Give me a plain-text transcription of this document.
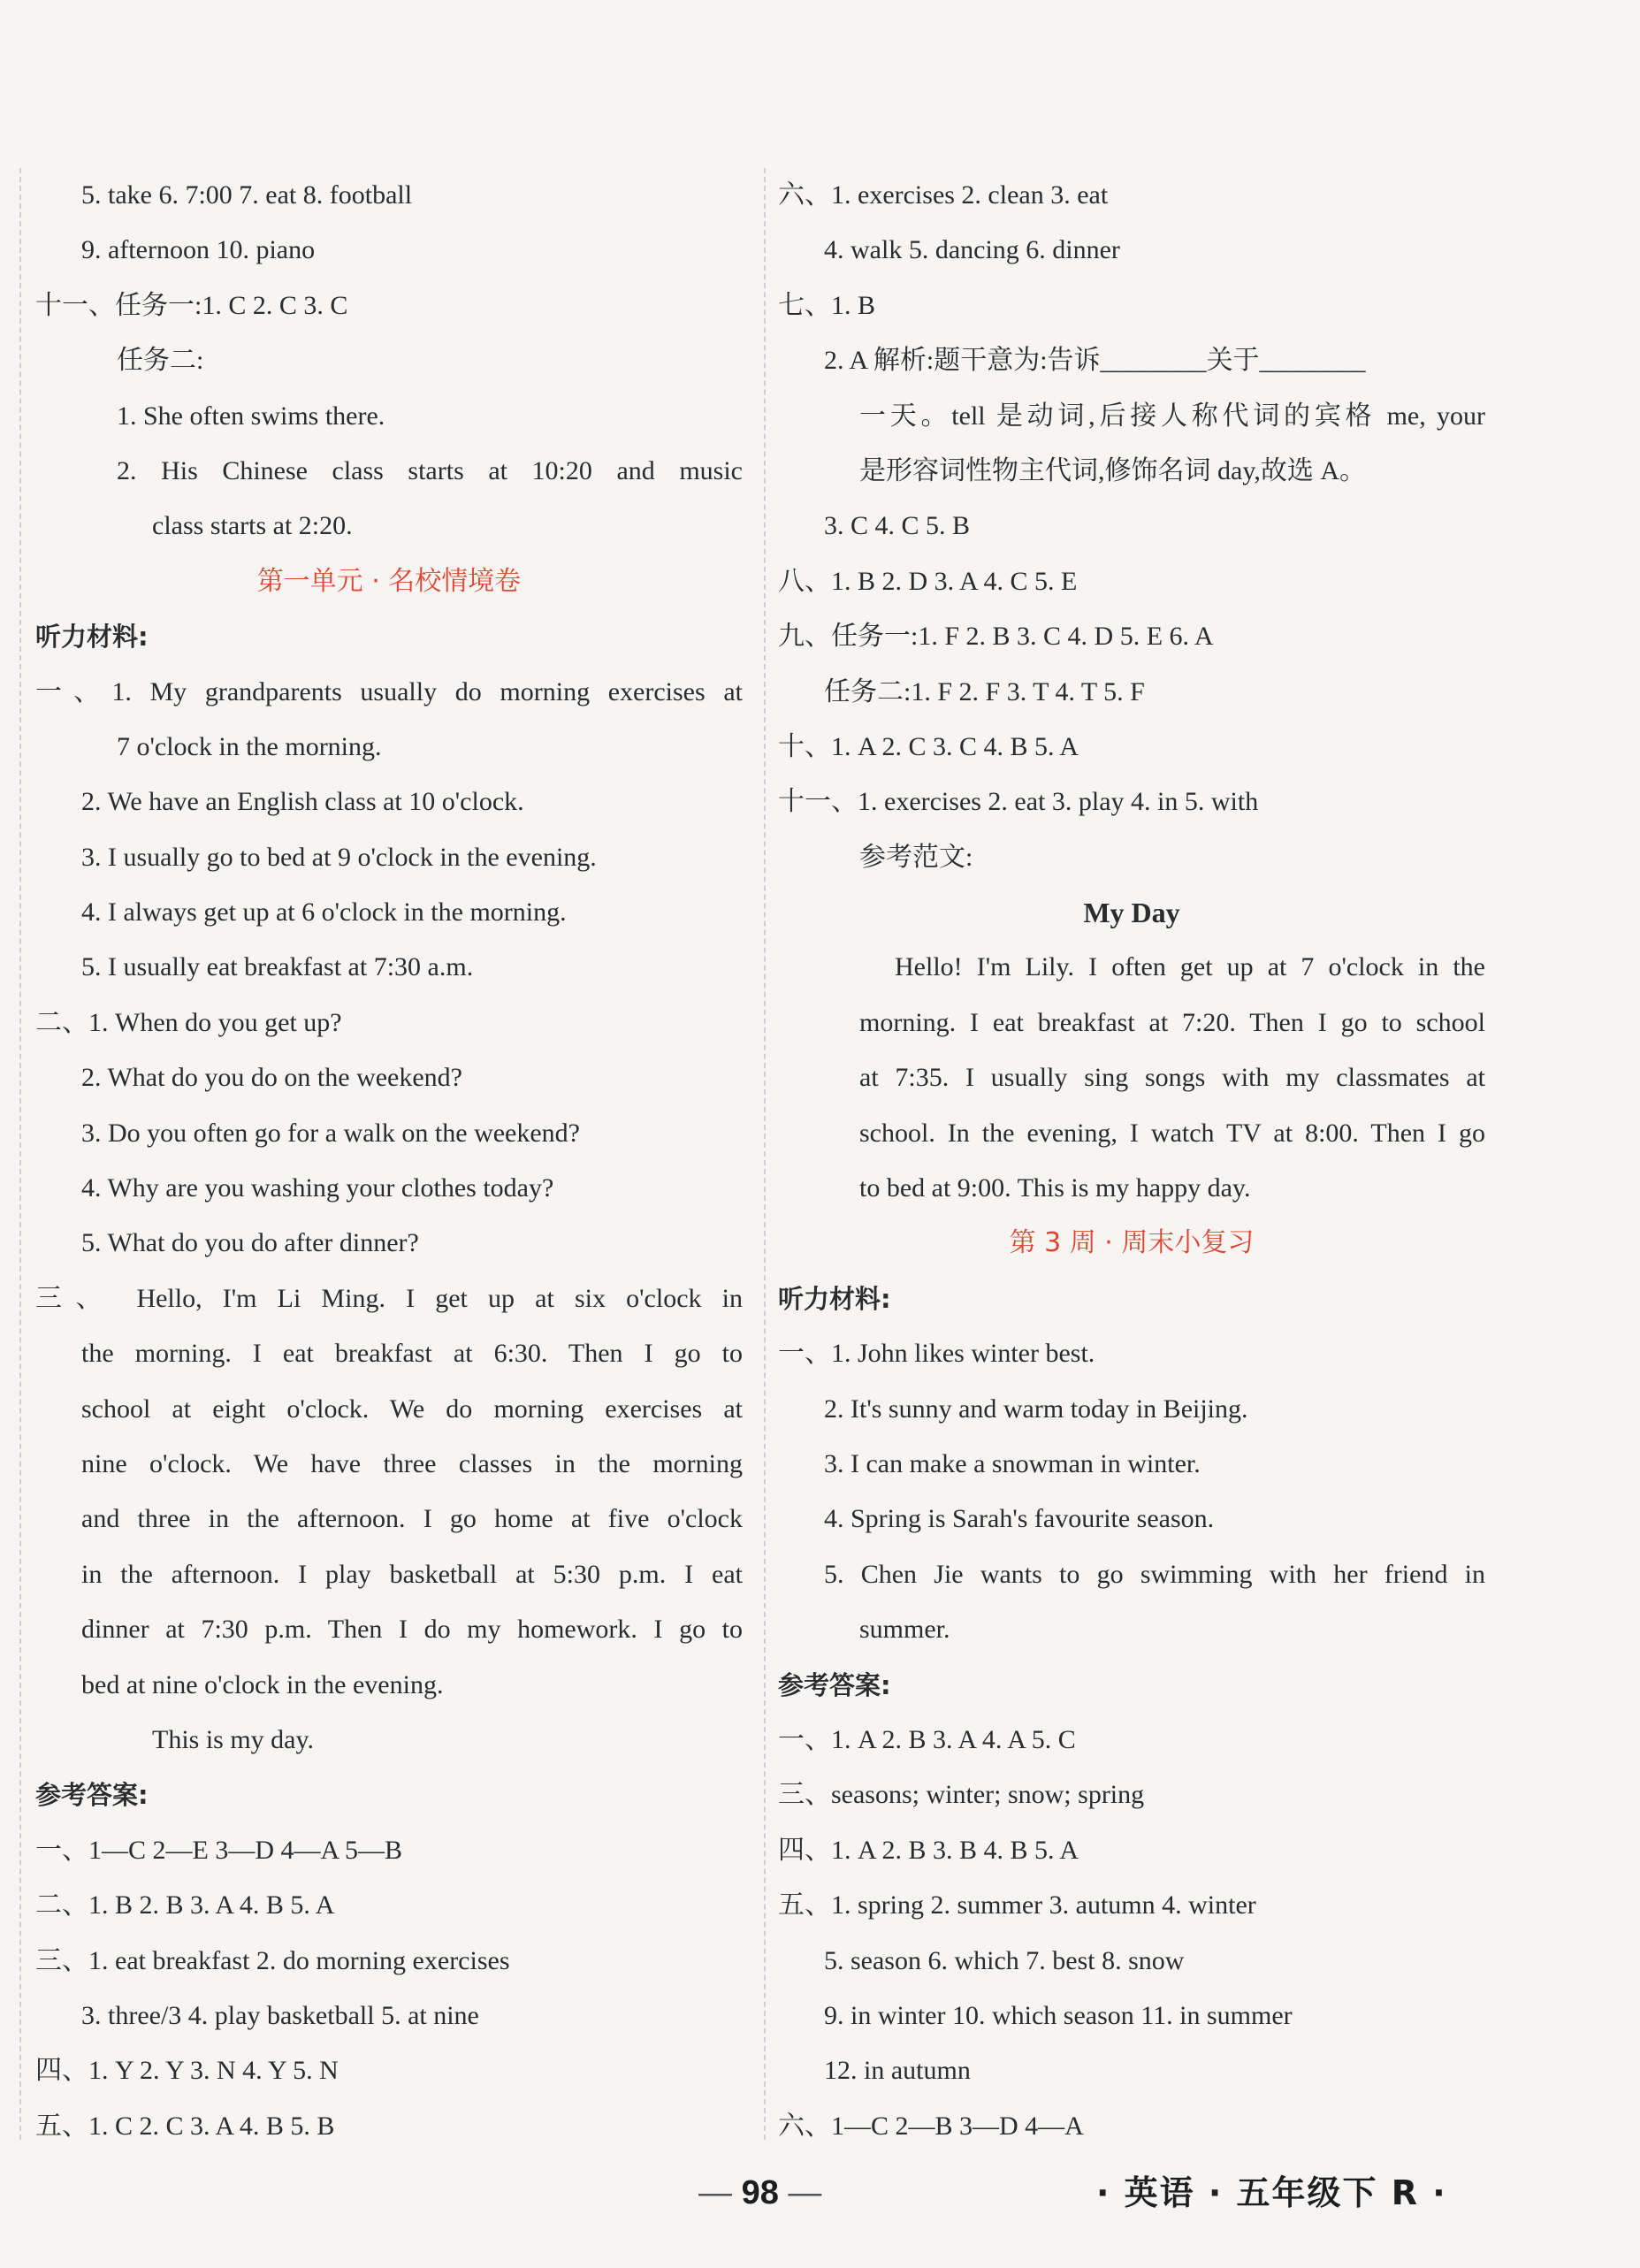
5. take 6. 7:00 7. eat 8. football
9. afternoon 10. piano
十一、任务一:1. C 2. C 3. C
任务二:
1. She often swims there.
2. His Chinese class starts at 10:20 and music
class starts at 2:20.
第一单元 · 名校情境卷
听力材料:
一、1. My grandparents usually do morning exercises at
7 o'clock in the morning.
2. We have an English class at 10 o'clock.
3. I usually go to bed at 9 o'clock in the evening.
4. I always get up at 6 o'clock in the morning.
5. I usually eat breakfast at 7:30 a.m.
二、1. When do you get up?
2. What do you do on the weekend?
3. Do you often go for a walk on the weekend?
4. Why are you washing your clothes today?
5. What do you do after dinner?
三、 Hello, I'm Li Ming. I get up at six o'clock in
the morning. I eat breakfast at 6:30. Then I go to
school at eight o'clock. We do morning exercises at
nine o'clock. We have three classes in the morning
and three in the afternoon. I go home at five o'clock
in the afternoon. I play basketball at 5:30 p.m. I eat
dinner at 7:30 p.m. Then I do my homework. I go to
bed at nine o'clock in the evening.
This is my day.
参考答案:
一、1—C 2—E 3—D 4—A 5—B
二、1. B 2. B 3. A 4. B 5. A
三、1. eat breakfast 2. do morning exercises
3. three/3 4. play basketball 5. at nine
四、1. Y 2. Y 3. N 4. Y 5. N
五、1. C 2. C 3. A 4. B 5. B
六、1. exercises 2. clean 3. eat
4. walk 5. dancing 6. dinner
七、1. B
2. A 解析:题干意为:告诉________关于________
一天。tell 是动词,后接人称代词的宾格 me, your
是形容词性物主代词,修饰名词 day,故选 A。
3. C 4. C 5. B
八、1. B 2. D 3. A 4. C 5. E
九、任务一:1. F 2. B 3. C 4. D 5. E 6. A
任务二:1. F 2. F 3. T 4. T 5. F
十、1. A 2. C 3. C 4. B 5. A
十一、1. exercises 2. eat 3. play 4. in 5. with
参考范文:
My Day
Hello! I'm Lily. I often get up at 7 o'clock in the
morning. I eat breakfast at 7:20. Then I go to school
at 7:35. I usually sing songs with my classmates at
school. In the evening, I watch TV at 8:00. Then I go
to bed at 9:00. This is my happy day.
第 3 周 · 周末小复习
听力材料:
一、1. John likes winter best.
2. It's sunny and warm today in Beijing.
3. I can make a snowman in winter.
4. Spring is Sarah's favourite season.
5. Chen Jie wants to go swimming with her friend in
summer.
参考答案:
一、1. A 2. B 3. A 4. A 5. C
三、seasons; winter; snow; spring
四、1. A 2. B 3. B 4. B 5. A
五、1. spring 2. summer 3. autumn 4. winter
5. season 6. which 7. best 8. snow
9. in winter 10. which season 11. in summer
12. in autumn
六、1—C 2—B 3—D 4—A
— 98 —	· 英语 · 五年级下 R ·
